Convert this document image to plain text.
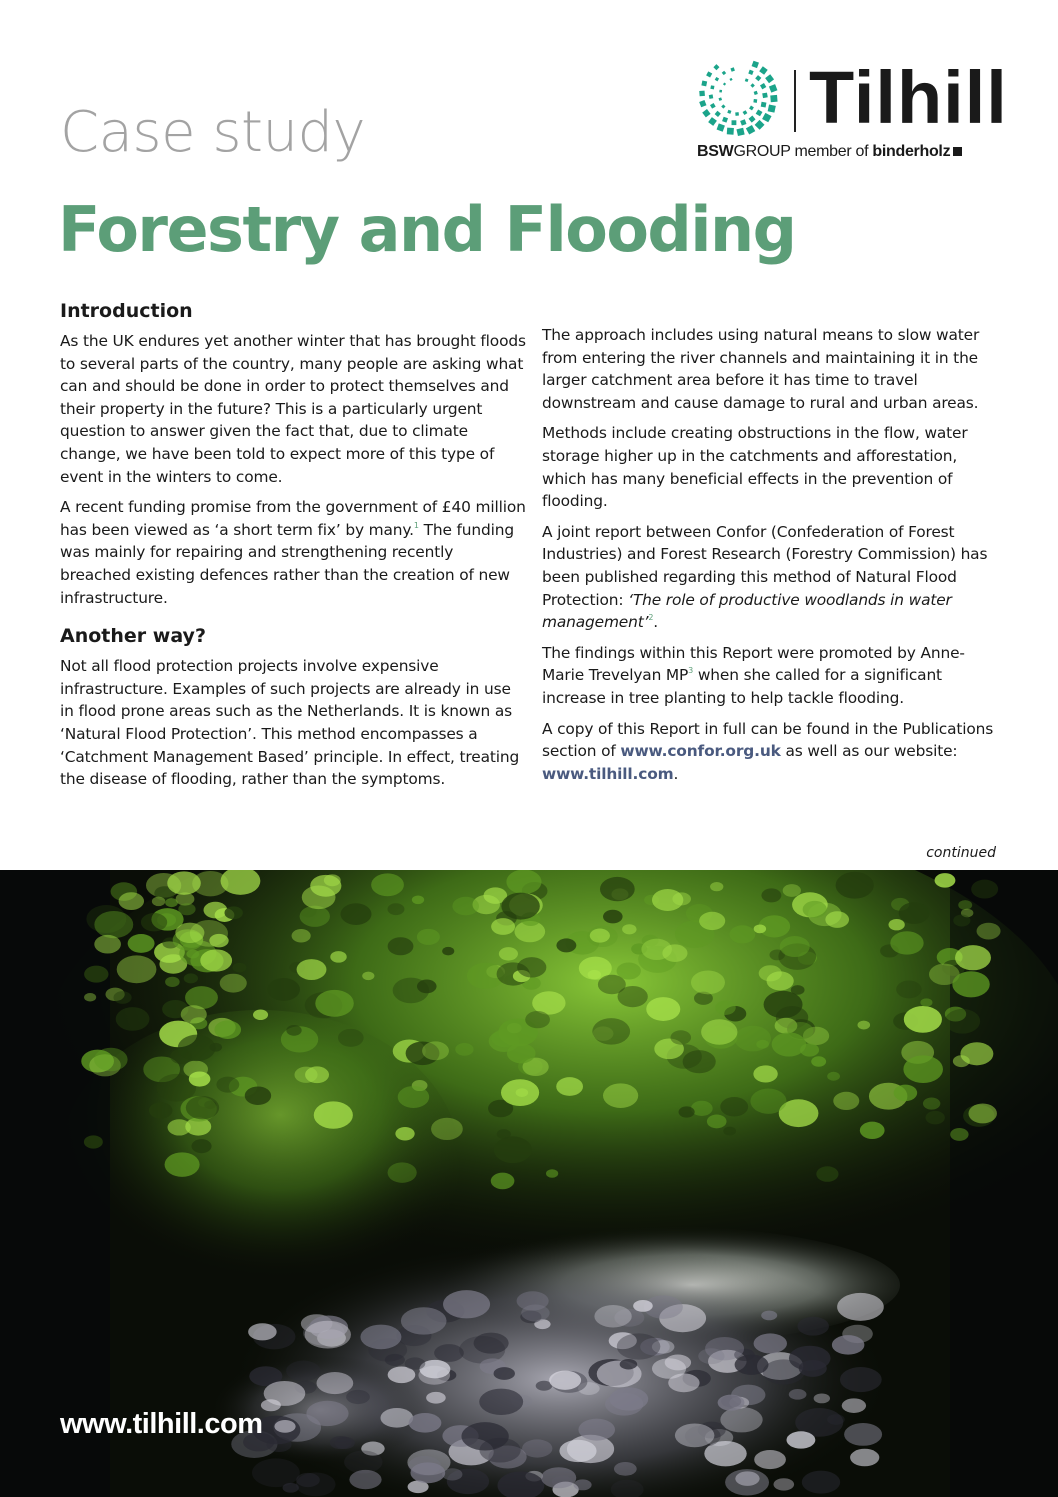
Tilhill
BSWGROUP member of binderholz
Case study
Forestry and Flooding
Introduction

As the UK endures yet another winter that has brought floods to several parts of the country, many people are asking what can and should be done in order to protect themselves and their property in the future? This is a particularly urgent question to answer given the fact that, due to climate change, we have been told to expect more of this type of event in the winters to come.

A recent funding promise from the government of £40 million has been viewed as ‘a short term fix’ by many.$^1$ The funding was mainly for repairing and strengthening recently breached existing defences rather than the creation of new infrastructure.

Another way?

Not all flood protection projects involve expensive infrastructure. Examples of such projects are already in use in flood prone areas such as the Netherlands. It is known as ‘Natural Flood Protection’. This method encompasses a ‘Catchment Management Based’ principle. In effect, treating the disease of flooding, rather than the symptoms.

The approach includes using natural means to slow water from entering the river channels and maintaining it in the larger catchment area before it has time to travel downstream and cause damage to rural and urban areas.

Methods include creating obstructions in the flow, water storage higher up in the catchments and afforestation, which has many beneficial effects in the prevention of flooding.

A joint report between Confor (Confederation of Forest Industries) and Forest Research (Forestry Commission) has been published regarding this method of Natural Flood Protection: ‘The role of productive woodlands in water management’$^2$.

The findings within this Report were promoted by Anne-Marie Trevelyan MP$^3$ when she called for a significant increase in tree planting to help tackle flooding.

A copy of this Report in full can be found in the Publications section of www.confor.org.uk as well as our website: www.tilhill.com.

continued
www.tilhill.com
